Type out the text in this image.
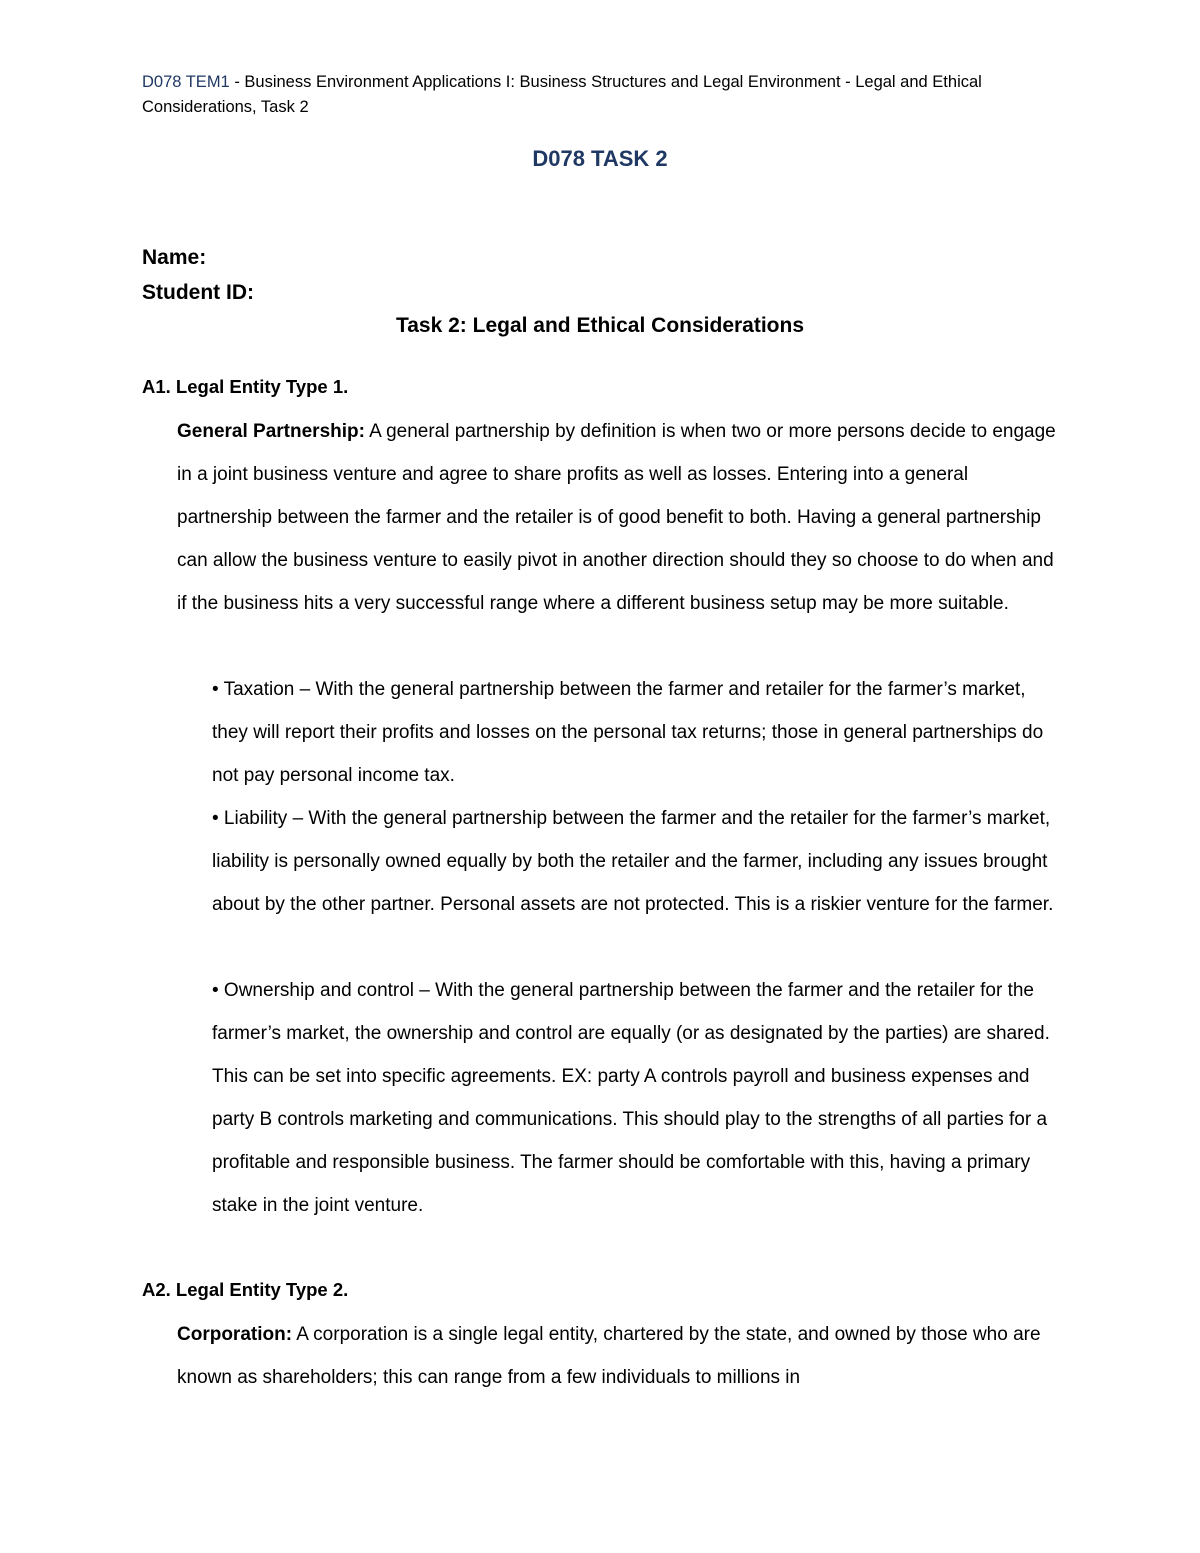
D078 TEM1 - Business Environment Applications I: Business Structures and Legal Environment - Legal and Ethical Considerations, Task 2
D078 TASK 2
Name:
Student ID:
Task 2: Legal and Ethical Considerations
A1. Legal Entity Type 1.
General Partnership: A general partnership by definition is when two or more persons decide to engage in a joint business venture and agree to share profits as well as losses. Entering into a general partnership between the farmer and the retailer is of good benefit to both. Having a general partnership can allow the business venture to easily pivot in another direction should they so choose to do when and if the business hits a very successful range where a different business setup may be more suitable.
• Taxation – With the general partnership between the farmer and retailer for the farmer’s market, they will report their profits and losses on the personal tax returns; those in general partnerships do not pay personal income tax.
• Liability – With the general partnership between the farmer and the retailer for the farmer’s market, liability is personally owned equally by both the retailer and the farmer, including any issues brought about by the other partner. Personal assets are not protected. This is a riskier venture for the farmer.
• Ownership and control – With the general partnership between the farmer and the retailer for the farmer’s market, the ownership and control are equally (or as designated by the parties) are shared. This can be set into specific agreements. EX: party A controls payroll and business expenses and party B controls marketing and communications. This should play to the strengths of all parties for a profitable and responsible business. The farmer should be comfortable with this, having a primary stake in the joint venture.
A2. Legal Entity Type 2.
Corporation: A corporation is a single legal entity, chartered by the state, and owned by those who are known as shareholders; this can range from a few individuals to millions in
